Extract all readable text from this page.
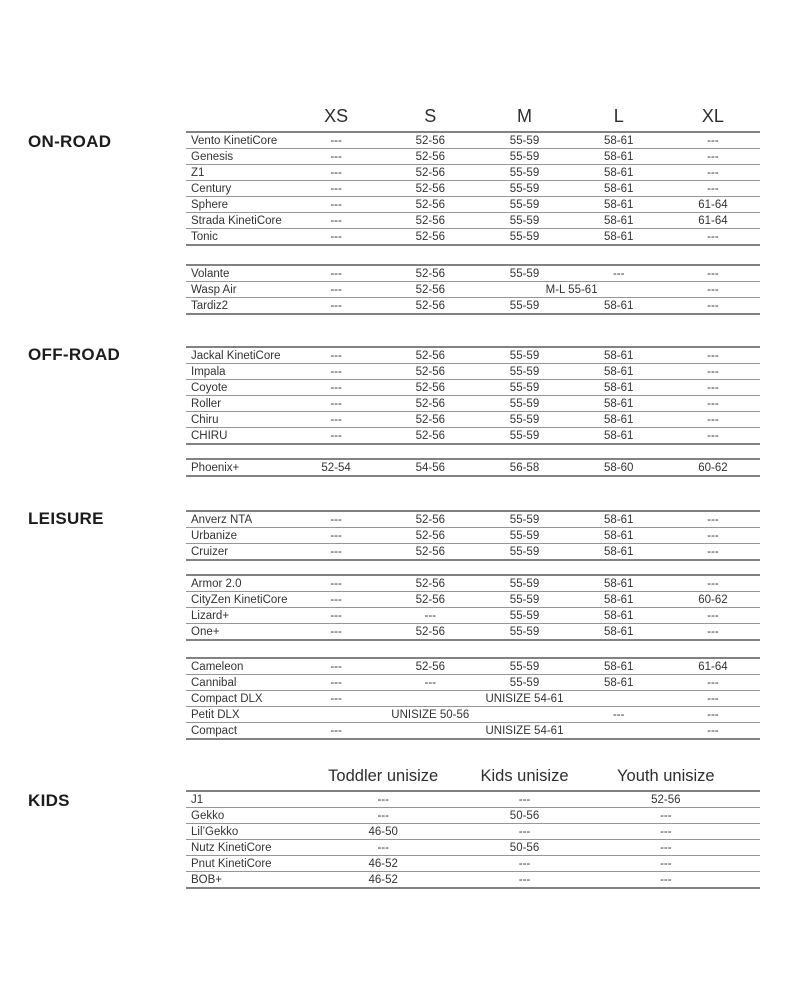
ON-ROAD
OFF-ROAD
LEISURE
KIDS
XS	S	M	L	XL
Vento KinetiCore	---	52-56	55-59	58-61	---
Genesis	---	52-56	55-59	58-61	---
Z1	---	52-56	55-59	58-61	---
Century	---	52-56	55-59	58-61	---
Sphere	---	52-56	55-59	58-61	61-64
Strada KinetiCore	---	52-56	55-59	58-61	61-64
Tonic	---	52-56	55-59	58-61	---
Volante	---	52-56	55-59	---	---
Wasp Air	---	52-56	M-L 55-61	---
Tardiz2	---	52-56	55-59	58-61	---
Jackal KinetiCore	---	52-56	55-59	58-61	---
Impala	---	52-56	55-59	58-61	---
Coyote	---	52-56	55-59	58-61	---
Roller	---	52-56	55-59	58-61	---
Chiru	---	52-56	55-59	58-61	---
CHIRU	---	52-56	55-59	58-61	---
Phoenix+	52-54	54-56	56-58	58-60	60-62
Anverz NTA	---	52-56	55-59	58-61	---
Urbanize	---	52-56	55-59	58-61	---
Cruizer	---	52-56	55-59	58-61	---
Armor 2.0	---	52-56	55-59	58-61	---
CityZen KinetiCore	---	52-56	55-59	58-61	60-62
Lizard+	---	---	55-59	58-61	---
One+	---	52-56	55-59	58-61	---
Cameleon	---	52-56	55-59	58-61	61-64
Cannibal	---	---	55-59	58-61	---
Compact DLX	---	UNISIZE 54-61	---
Petit DLX	UNISIZE 50-56	---	---
Compact	---	UNISIZE 54-61	---
Toddler unisize	Kids unisize	Youth unisize
J1	---	---	52-56
Gekko	---	50-56	---
Lil’Gekko	46-50	---	---
Nutz KinetiCore	---	50-56	---
Pnut KinetiCore	46-52	---	---
BOB+	46-52	---	---
